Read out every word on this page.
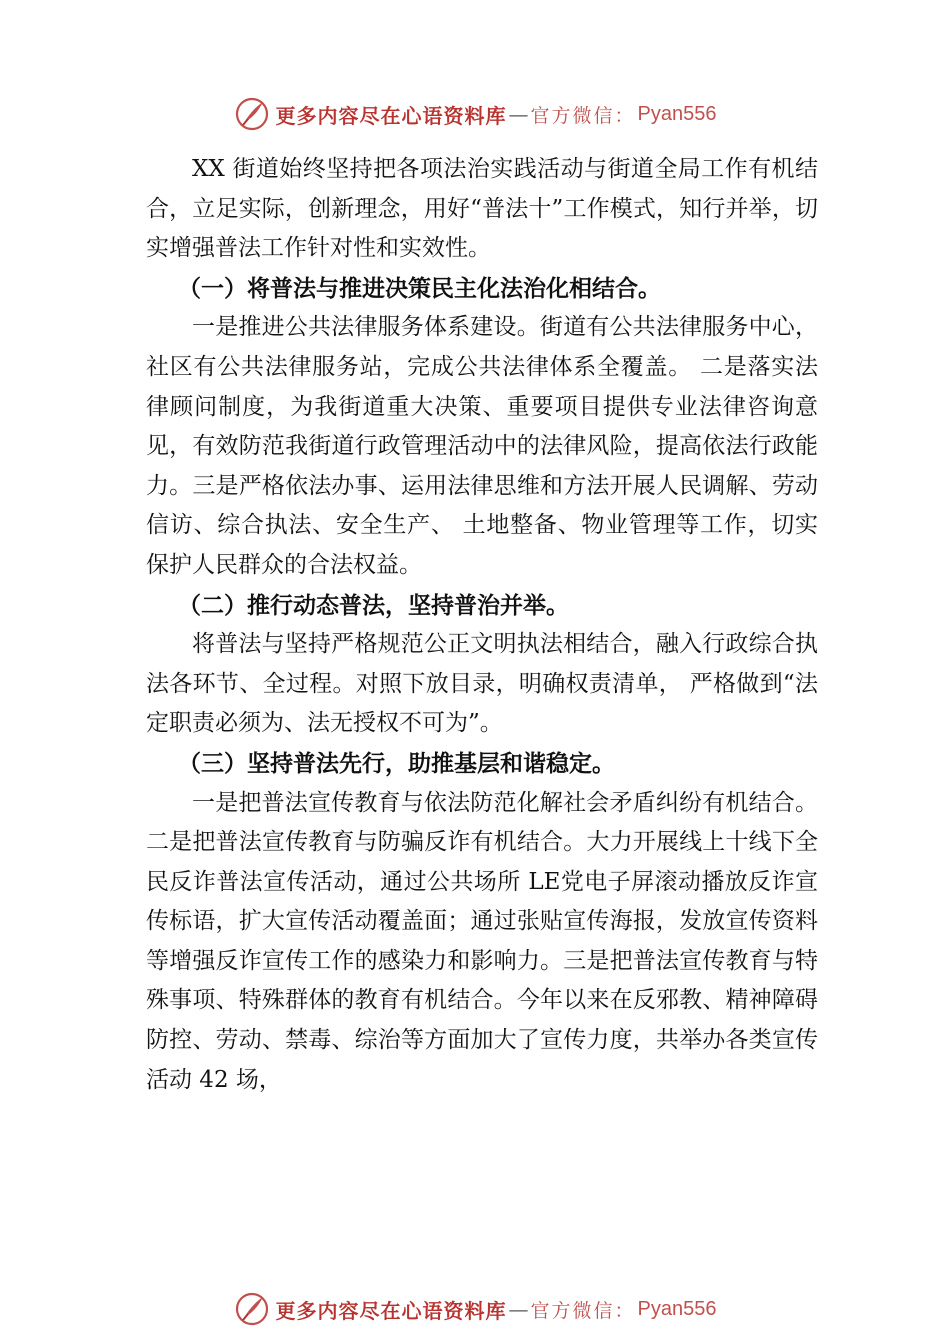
更多内容尽在心语资料库 — 官方微信： Pyan556

XX 街道始终坚持把各项法治实践活动与街道全局工作有机结合，立足实际，创新理念，用好“普法十”工作模式，知行并举，切实增强普法工作针对性和实效性。

（一）将普法与推进决策民主化法治化相结合。

一是推进公共法律服务体系建设。街道有公共法律服务中心，社区有公共法律服务站，完成公共法律体系全覆盖。 二是落实法律顾问制度，为我街道重大决策、重要项目提供专业法律咨询意见，有效防范我街道行政管理活动中的法律风险，提高依法行政能力。三是严格依法办事、运用法律思维和方法开展人民调解、劳动信访、综合执法、安全生产、 土地整备、物业管理等工作，切实保护人民群众的合法权益。

（二）推行动态普法，坚持普治并举。

将普法与坚持严格规范公正文明执法相结合，融入行政综合执法各环节、全过程。对照下放目录，明确权责清单， 严格做到“法定职责必须为、法无授权不可为”。

（三）坚持普法先行，助推基层和谐稳定。

一是把普法宣传教育与依法防范化解社会矛盾纠纷有机结合。二是把普法宣传教育与防骗反诈有机结合。大力开展线上十线下全民反诈普法宣传活动，通过公共场所 LE党电子屏滚动播放反诈宣传标语，扩大宣传活动覆盖面；通过张贴宣传海报，发放宣传资料等增强反诈宣传工作的感染力和影响力。三是把普法宣传教育与特殊事项、特殊群体的教育有机结合。今年以来在反邪教、精神障碍防控、劳动、禁毒、综治等方面加大了宣传力度，共举办各类宣传活动 42 场，

更多内容尽在心语资料库 — 官方微信： Pyan556
